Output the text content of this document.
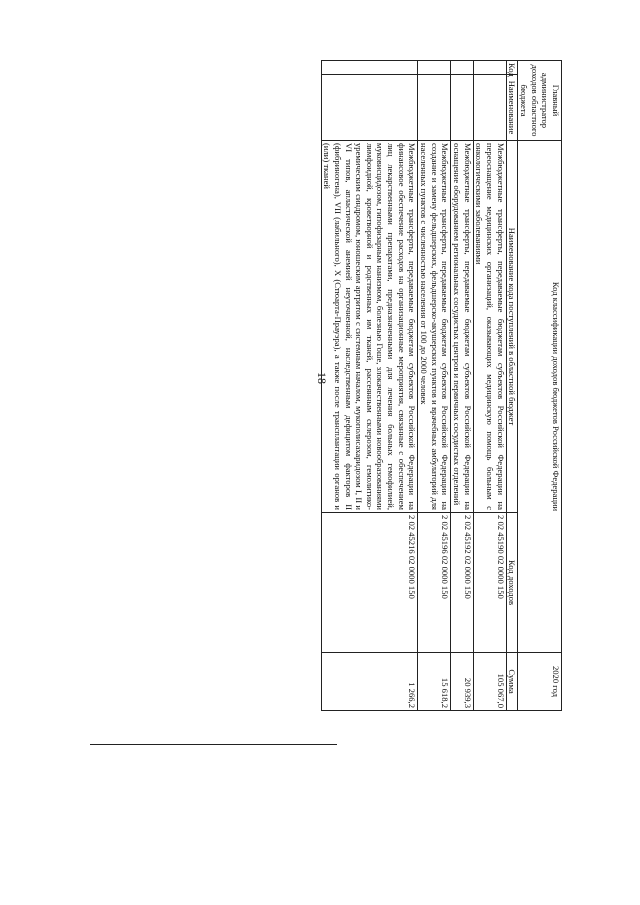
18
Главный администратор доходов областного бюджета		Код классификации доходов бюджетов Российской Федерации		2020 год
Код	Наименование	Наименование кода поступлений в областной бюджет	Код доходов	Сумма
		Межбюджетные трансферты, передаваемые бюджетам субъектов Российской Федерации на переоснащение медицинских организаций, оказывающих медицинскую помощь больным с онкологическими заболеваниями	2 02 45190 02 0000 150	105 067,0
		Межбюджетные трансферты, передаваемые бюджетам субъектов Российской Федерации на оснащение оборудованием региональных сосудистых центров и первичных сосудистых отделений	2 02 45192 02 0000 150	20 939,3
		Межбюджетные трансферты, передаваемые бюджетам субъектов Российской Федерации на создание и замену фельдшерских, фельдшерско-акушерских пунктов и врачебных амбулаторий для населенных пунктов с численностью населения от 100 до 2000 человек	2 02 45196 02 0000 150	15 618,2
		Межбюджетные трансферты, передаваемые бюджетам субъектов Российской Федерации на финансовое обеспечение расходов на организационные мероприятия, связанные с обеспечением лиц лекарственными препаратами, предназначенными для лечения больных гемофилией, муковисцидозом, гипофизарным нанизмом, болезнью Гоше, злокачественными новообразованиями лимфоидной, кроветворной и родственных им тканей, рассеянным склерозом, гемолитико-уремическим синдромом, юношеским артритом с системным началом, мукополисахаридозом I, II и VI типов, апластической анемией неуточненной, наследственным дефицитом факторов II (фибриногена), VII (лабильного), X (Стюарта-Прауэра), а также после трансплантации органов и (или) тканей	2 02 45216 02 0000 150	1 266,2
